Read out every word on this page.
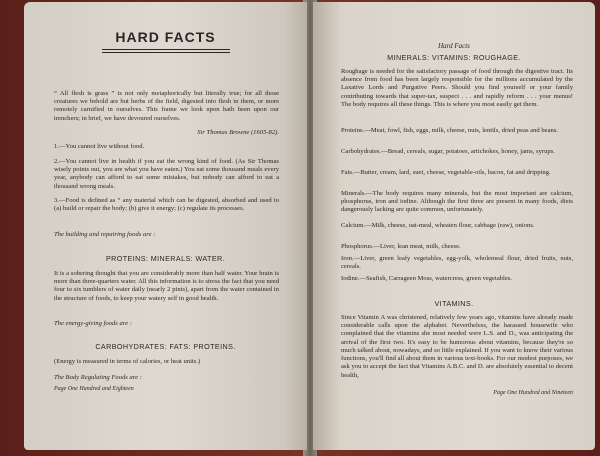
HARD FACTS

“ All flesh is grass ” is not only metaphorically but literally true; for all those creatures we behold are but herbs of the field, digested into flesh in them, or more remotely carnified in ourselves. This frame we look upon hath been upon our trenchers; in brief, we have devoured ourselves.

Sir Thomas Browne (1605-82).

1.—You cannot live without food.

2.—You cannot live in health if you eat the wrong kind of food. (As Sir Thomas wisely points out, you are what you have eaten.) You eat some thousand meals every year, anybody can afford to eat some mistakes, but nobody can afford to eat a thousand wrong meals.

3.—Food is defined as “ any material which can be digested, absorbed and used to (a) build or repair the body; (b) give it energy; (c) regulate its processes.

The building and repairing foods are :

PROTEINS: MINERALS: WATER.

It is a sobering thought that you are considerably more than half water. Your brain is more than three-quarters water. All this information is to stress the fact that you need four to six tumblers of water daily (nearly 2 pints), apart from the water contained in the structure of foods, to keep your watery self in good health.

The energy-giving foods are :

CARBOHYDRATES: FATS: PROTEINS.

(Energy is measured in terms of calories, or heat units.)

The Body Regulating Foods are :

Page One Hundred and Eighteen

Hard Facts

MINERALS: VITAMINS: ROUGHAGE.

Roughage is needed for the satisfactory passage of food through the digestive tract. Its absence from food has been largely responsible for the millions accumulated by the Laxative Lords and Purgative Peers. Should you find yourself or your family contributing towards that super-tax, suspect . . . and rapidly reform . . . your menus! The body requires all these things. This is where you most easily get them.

Proteins.—Meat, fowl, fish, eggs, milk, cheese, nuts, lentils, dried peas and beans.

Carbohydrates.—Bread, cereals, sugar, potatoes, artichokes, honey, jams, syrups.

Fats.—Butter, cream, lard, suet, cheese, vegetable-oils, bacon, fat and dripping.

Minerals.—The body requires many minerals, but the most important are calcium, phosphorus, iron and iodine. Although the first three are present in many foods, diets dangerously lacking are quite common, unfortunately.

Calcium.—Milk, cheese, oat-meal, wheaten flour, cabbage (raw), onions.

Phosphorus.—Liver, lean meat, milk, cheese.

Iron.—Liver, green leafy vegetables, egg-yolk, wholemeal flour, dried fruits, nuts, cereals.

Iodine.—Seafish, Carrageen Moss, watercress, green vegetables.

VITAMINS.

Since Vitamin A was christened, relatively few years ago, vitamins have already made considerable calls upon the alphabet. Nevertheless, the harassed housewife who complained that the vitamins she most needed were L.S. and D., was anticipating the arrival of the first two. It's easy to be humorous about vitamins, because they're so much talked about, nowadays, and so little explained. If you want to know their various functions, you'll find all about them in various text-books. For our modest purposes, we ask you to accept the fact that Vitamins A.B.C. and D. are absolutely essential to decent health,

Page One Hundred and Nineteen
